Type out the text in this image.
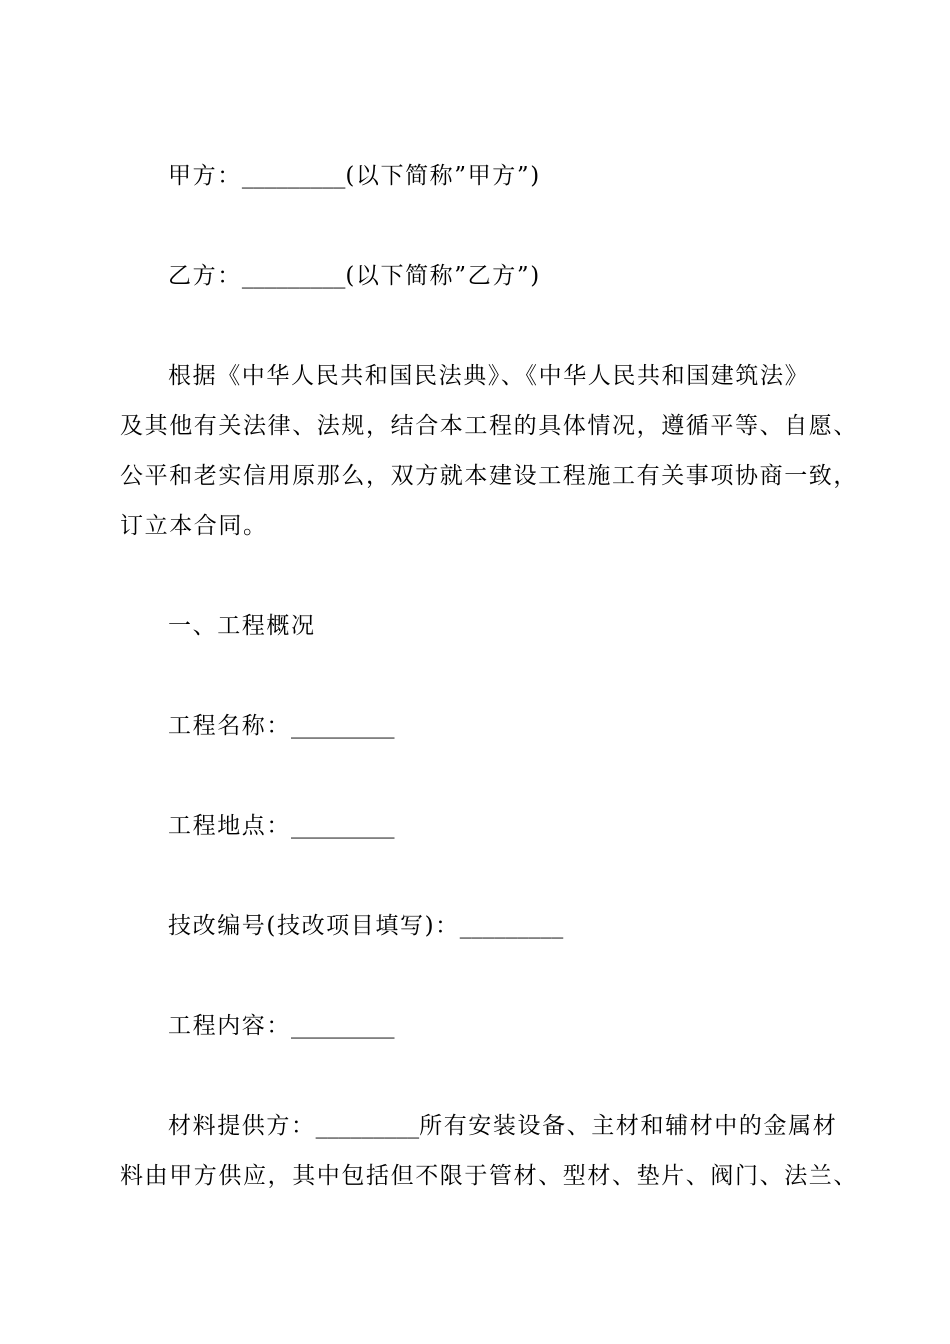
甲方：_________(以下简称”甲方”)
乙方：_________(以下简称”乙方”)
根据《中华人民共和国民法典》、《中华人民共和国建筑法》
及其他有关法律、法规，结合本工程的具体情况，遵循平等、自愿、
公平和老实信用原那么，双方就本建设工程施工有关事项协商一致，
订立本合同。
一、工程概况
工程名称：_________
工程地点：_________
技改编号(技改项目填写)：_________
工程内容：_________
材料提供方：_________所有安装设备、主材和辅材中的金属材
料由甲方供应，其中包括但不限于管材、型材、垫片、阀门、法兰、
